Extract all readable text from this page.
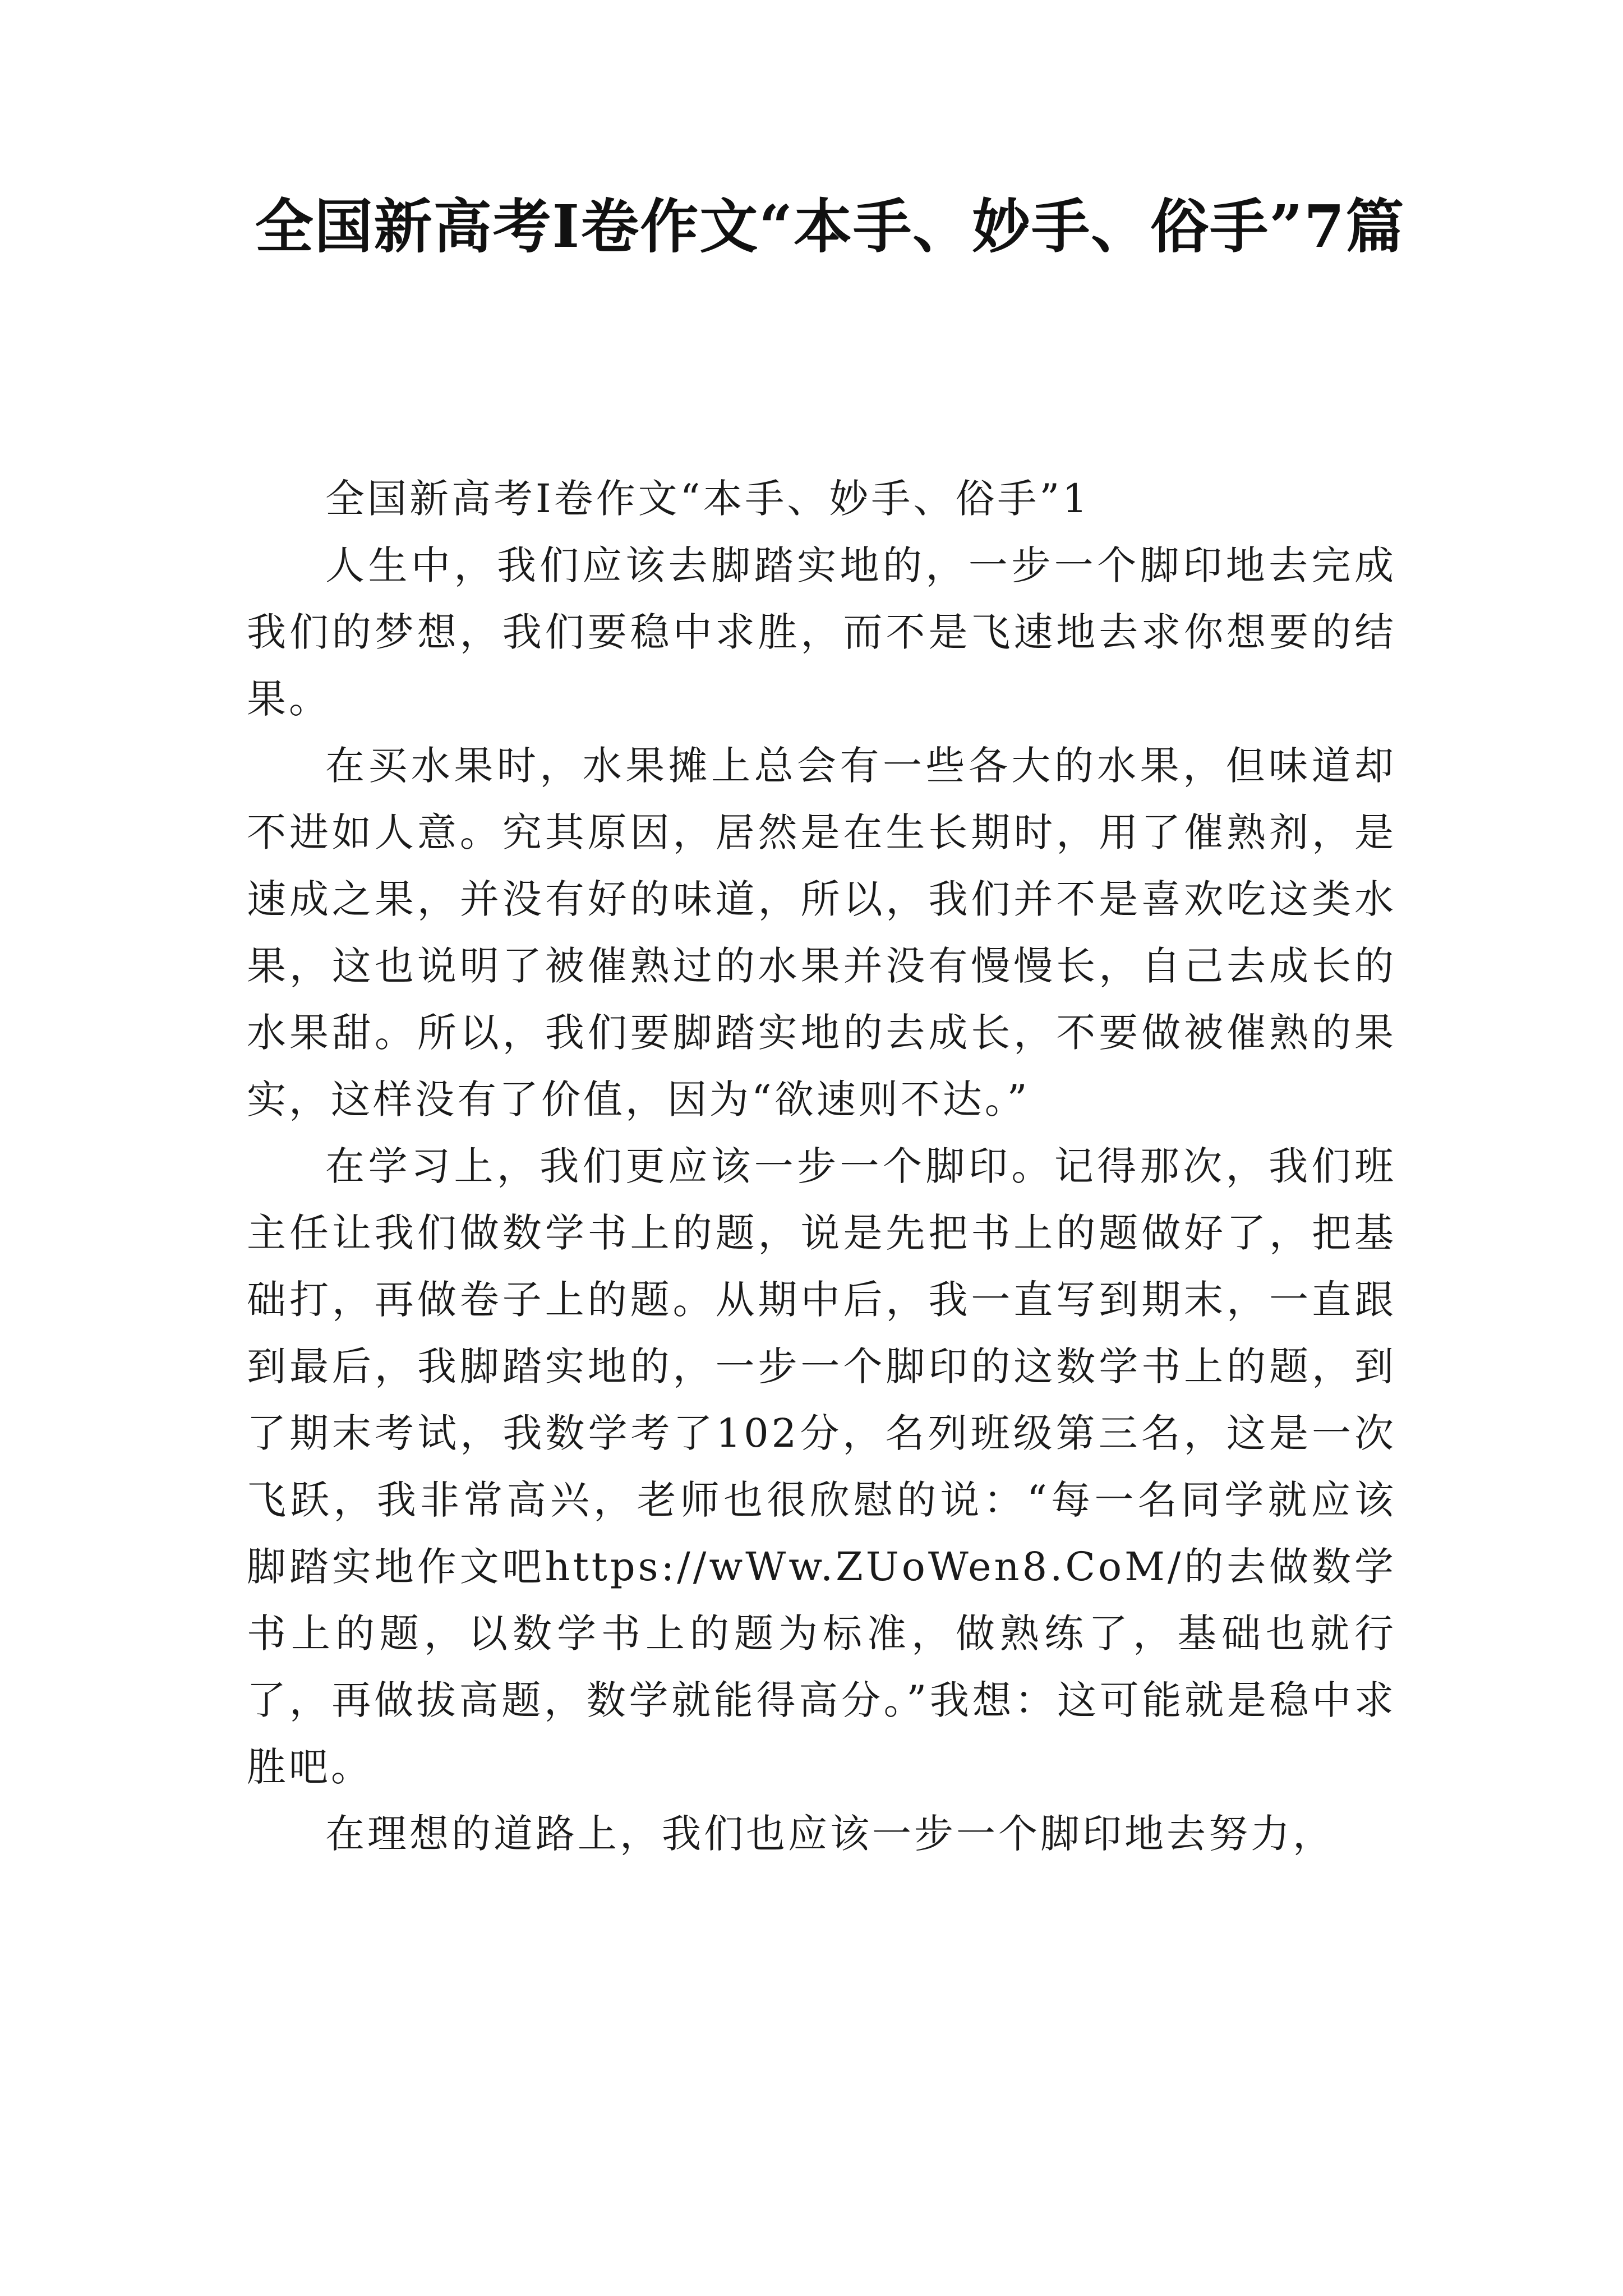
全国新高考Ⅰ卷作文“本手、妙手、俗手”7篇

全国新高考Ⅰ卷作文“本手、妙手、俗手”1

人生中，我们应该去脚踏实地的，一步一个脚印地去完成我们的梦想，我们要稳中求胜，而不是飞速地去求你想要的结果。

在买水果时，水果摊上总会有一些各大的水果，但味道却不进如人意。究其原因，居然是在生长期时，用了催熟剂，是速成之果，并没有好的味道，所以，我们并不是喜欢吃这类水果，这也说明了被催熟过的水果并没有慢慢长，自己去成长的水果甜。所以，我们要脚踏实地的去成长，不要做被催熟的果实，这样没有了价值，因为“欲速则不达。”

在学习上，我们更应该一步一个脚印。记得那次，我们班主任让我们做数学书上的题，说是先把书上的题做好了，把基础打，再做卷子上的题。从期中后，我一直写到期末，一直跟到最后，我脚踏实地的，一步一个脚印的这数学书上的题，到了期末考试，我数学考了102分，名列班级第三名，这是一次飞跃，我非常高兴，老师也很欣慰的说：“每一名同学就应该脚踏实地作文吧https://wWw.ZUoWen8.CoM/的去做数学书上的题，以数学书上的题为标准，做熟练了，基础也就行了，再做拔高题，数学就能得高分。”我想：这可能就是稳中求胜吧。

在理想的道路上，我们也应该一步一个脚印地去努力，
